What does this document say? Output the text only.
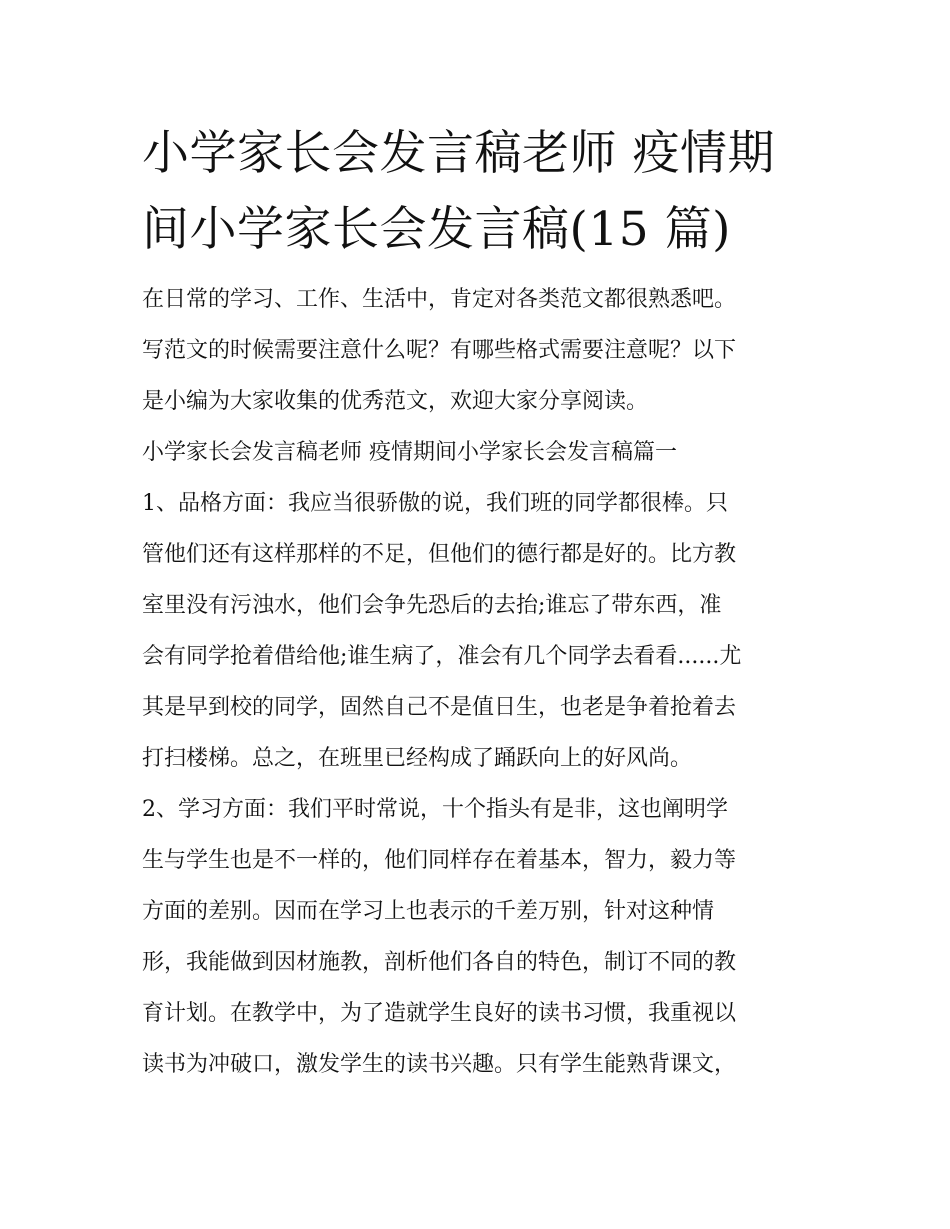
小学家长会发言稿老师 疫情期
间小学家长会发言稿(15 篇)

在日常的学习、工作、生活中，肯定对各类范文都很熟悉吧。

写范文的时候需要注意什么呢？有哪些格式需要注意呢？以下

是小编为大家收集的优秀范文，欢迎大家分享阅读。

小学家长会发言稿老师 疫情期间小学家长会发言稿篇一

1、品格方面：我应当很骄傲的说，我们班的同学都很棒。只

管他们还有这样那样的不足，但他们的德行都是好的。比方教

室里没有污浊水，他们会争先恐后的去抬;谁忘了带东西，准

会有同学抢着借给他;谁生病了，准会有几个同学去看看......尤

其是早到校的同学，固然自己不是值日生，也老是争着抢着去

打扫楼梯。总之，在班里已经构成了踊跃向上的好风尚。

2、学习方面：我们平时常说，十个指头有是非，这也阐明学

生与学生也是不一样的，他们同样存在着基本，智力，毅力等

方面的差别。因而在学习上也表示的千差万别，针对这种情

形，我能做到因材施教，剖析他们各自的特色，制订不同的教

育计划。在教学中，为了造就学生良好的读书习惯，我重视以

读书为冲破口，激发学生的读书兴趣。只有学生能熟背课文，
